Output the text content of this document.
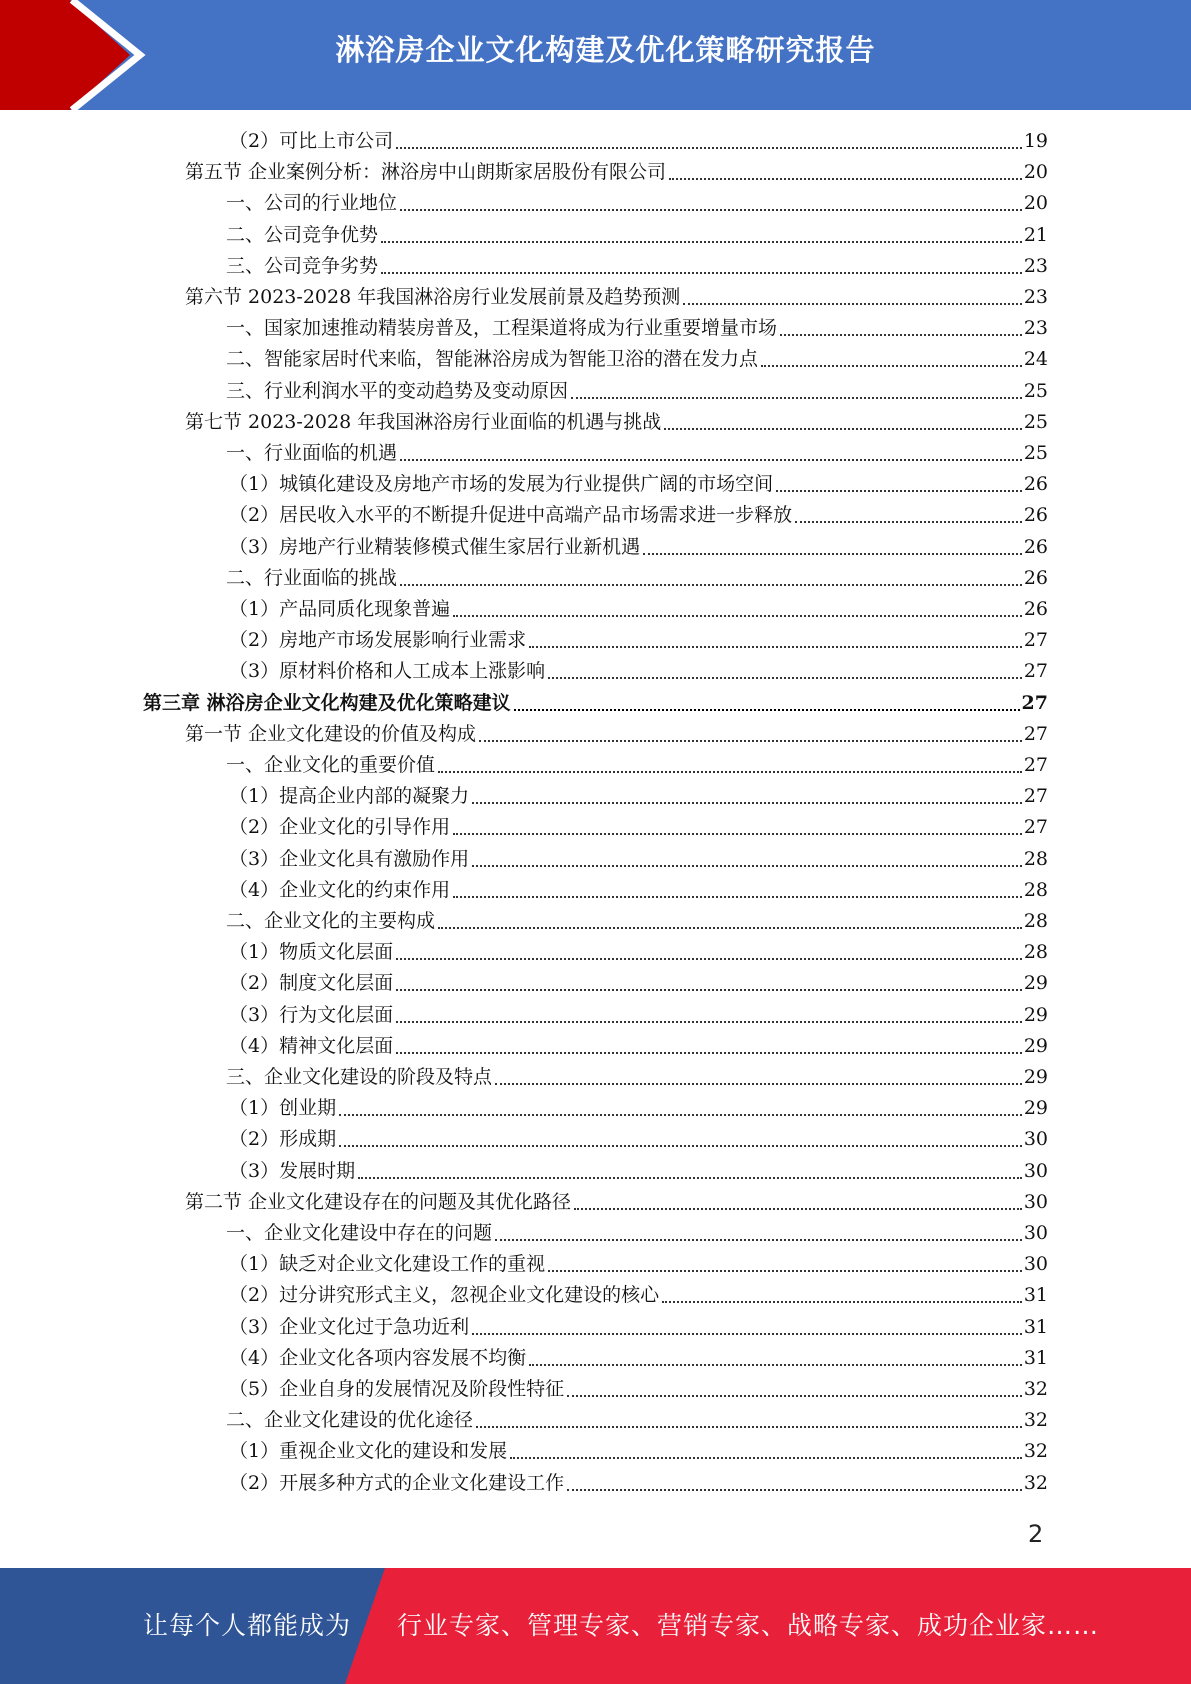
淋浴房企业文化构建及优化策略研究报告
（2）可比上市公司	19
第五节 企业案例分析：淋浴房中山朗斯家居股份有限公司	20
一、公司的行业地位	20
二、公司竞争优势	21
三、公司竞争劣势	23
第六节 2023-2028 年我国淋浴房行业发展前景及趋势预测	23
一、国家加速推动精装房普及，工程渠道将成为行业重要增量市场	23
二、智能家居时代来临，智能淋浴房成为智能卫浴的潜在发力点	24
三、行业利润水平的变动趋势及变动原因	25
第七节 2023-2028 年我国淋浴房行业面临的机遇与挑战	25
一、行业面临的机遇	25
（1）城镇化建设及房地产市场的发展为行业提供广阔的市场空间	26
（2）居民收入水平的不断提升促进中高端产品市场需求进一步释放	26
（3）房地产行业精装修模式催生家居行业新机遇	26
二、行业面临的挑战	26
（1）产品同质化现象普遍	26
（2）房地产市场发展影响行业需求	27
（3）原材料价格和人工成本上涨影响	27
第三章 淋浴房企业文化构建及优化策略建议	27
第一节 企业文化建设的价值及构成	27
一、企业文化的重要价值	27
（1）提高企业内部的凝聚力	27
（2）企业文化的引导作用	27
（3）企业文化具有激励作用	28
（4）企业文化的约束作用	28
二、企业文化的主要构成	28
（1）物质文化层面	28
（2）制度文化层面	29
（3）行为文化层面	29
（4）精神文化层面	29
三、企业文化建设的阶段及特点	29
（1）创业期	29
（2）形成期	30
（3）发展时期	30
第二节 企业文化建设存在的问题及其优化路径	30
一、企业文化建设中存在的问题	30
（1）缺乏对企业文化建设工作的重视	30
（2）过分讲究形式主义，忽视企业文化建设的核心	31
（3）企业文化过于急功近利	31
（4）企业文化各项内容发展不均衡	31
（5）企业自身的发展情况及阶段性特征	32
二、企业文化建设的优化途径	32
（1）重视企业文化的建设和发展	32
（2）开展多种方式的企业文化建设工作	32
2
让每个人都能成为 行业专家、管理专家、营销专家、战略专家、成功企业家……
